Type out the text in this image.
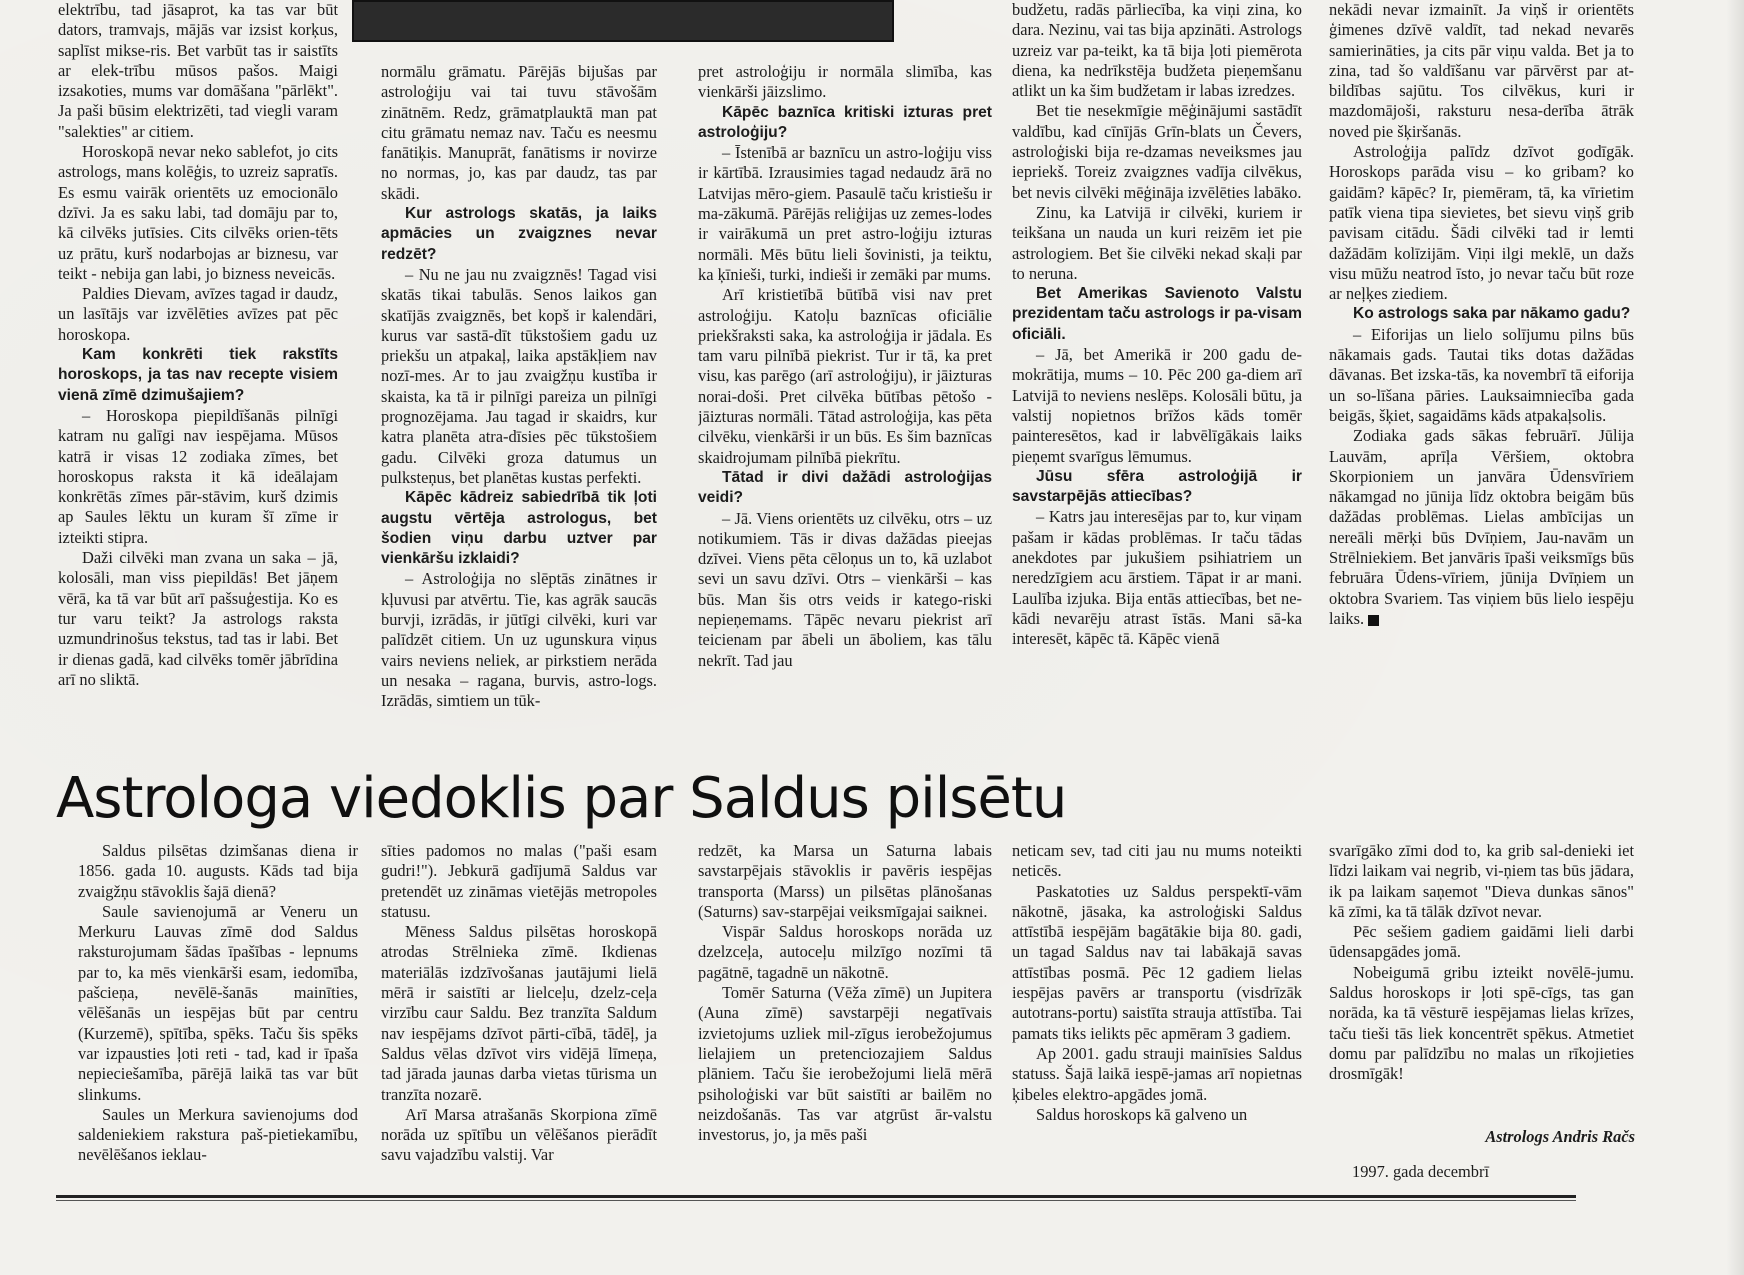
elektrību, tad jāsaprot, ka tas var būt dators, tramvajs, mājās var izsist korķus, saplīst mikse-ris. Bet varbūt tas ir saistīts ar elek-trību mūsos pašos. Maigi izsakoties, mums var domāšana "pārlēkt". Ja paši būsim elektrizēti, tad viegli varam "salekties" ar citiem.

Horoskopā nevar neko sablefot, jo cits astrologs, mans kolēģis, to uzreiz sapratīs. Es esmu vairāk orientēts uz emocionālo dzīvi. Ja es saku labi, tad domāju par to, kā cilvēks jutīsies. Cits cilvēks orien-tēts uz prātu, kurš nodarbojas ar biznesu, var teikt - nebija gan labi, jo bizness neveicās.

Paldies Dievam, avīzes tagad ir daudz, un lasītājs var izvēlēties avīzes pat pēc horoskopa.

Kam konkrēti tiek rakstīts horoskops, ja tas nav recepte visiem vienā zīmē dzimušajiem?

– Horoskopa piepildīšanās pilnīgi katram nu galīgi nav iespējama. Mūsos katrā ir visas 12 zodiaka zīmes, bet horoskopus raksta it kā ideālajam konkrētās zīmes pār-stāvim, kurš dzimis ap Saules lēktu un kuram šī zīme ir izteikti stipra.

Daži cilvēki man zvana un saka – jā, kolosāli, man viss piepildās! Bet jāņem vērā, ka tā var būt arī pašsuģestija. Ko es tur varu teikt? Ja astrologs raksta uzmundrinošus tekstus, tad tas ir labi. Bet ir dienas gadā, kad cilvēks tomēr jābrīdina arī no sliktā.

normālu grāmatu. Pārējās bijušas par astroloģiju vai tai tuvu stāvošām zinātnēm. Redz, grāmatplauktā man pat citu grāmatu nemaz nav. Taču es neesmu fanātiķis. Manuprāt, fanātisms ir novirze no normas, jo, kas par daudz, tas par skādi.

Kur astrologs skatās, ja laiks apmācies un zvaigznes nevar redzēt?

– Nu ne jau nu zvaigznēs! Tagad visi skatās tikai tabulās. Senos laikos gan skatījās zvaigznēs, bet kopš ir kalendāri, kurus var sastā-dīt tūkstošiem gadu uz priekšu un atpakaļ, laika apstākļiem nav nozī-mes. Ar to jau zvaigžņu kustība ir skaista, ka tā ir pilnīgi pareiza un pilnīgi prognozējama. Jau tagad ir skaidrs, kur katra planēta atra-dīsies pēc tūkstošiem gadu. Cilvēki groza datumus un pulksteņus, bet planētas kustas perfekti.

Kāpēc kādreiz sabiedrībā tik ļoti augstu vērtēja astrologus, bet šodien viņu darbu uztver par vienkāršu izklaidi?

– Astroloģija no slēptās zinātnes ir kļuvusi par atvērtu. Tie, kas agrāk saucās burvji, izrādās, ir jūtīgi cilvēki, kuri var palīdzēt citiem. Un uz ugunskura viņus vairs neviens neliek, ar pirkstiem nerāda un nesaka – ragana, burvis, astro-logs. Izrādās, simtiem un tūk-

pret astroloģiju ir normāla slimība, kas vienkārši jāizslimo.

Kāpēc baznīca kritiski izturas pret astroloģiju?

– Īstenībā ar baznīcu un astro-loģiju viss ir kārtībā. Izrausimies tagad nedaudz ārā no Latvijas mēro-giem. Pasaulē taču kristiešu ir ma-zākumā. Pārējās reliģijas uz zemes-lodes ir vairākumā un pret astro-loģiju izturas normāli. Mēs būtu lieli šovinisti, ja teiktu, ka ķīnieši, turki, indieši ir zemāki par mums.

Arī kristietībā būtībā visi nav pret astroloģiju. Katoļu baznīcas oficiālie priekšraksti saka, ka astroloģija ir jādala. Es tam varu pilnībā piekrist. Tur ir tā, ka pret visu, kas parēgo (arī astroloģiju), ir jāizturas norai-doši. Pret cilvēka būtības pētošo - jāizturas normāli. Tātad astroloģija, kas pēta cilvēku, vienkārši ir un būs. Es šim baznīcas skaidrojumam pilnībā piekrītu.

Tātad ir divi dažādi astroloģijas veidi?

– Jā. Viens orientēts uz cilvēku, otrs – uz notikumiem. Tās ir divas dažādas pieejas dzīvei. Viens pēta cēloņus un to, kā uzlabot sevi un savu dzīvi. Otrs – vienkārši – kas būs. Man šis otrs veids ir katego-riski nepieņemams. Tāpēc nevaru piekrist arī teicienam par ābeli un āboliem, kas tālu nekrīt. Tad jau

budžetu, radās pārliecība, ka viņi zina, ko dara. Nezinu, vai tas bija apzināti. Astrologs uzreiz var pa-teikt, ka tā bija ļoti piemērota diena, ka nedrīkstēja budžeta pieņemšanu atlikt un ka šim budžetam ir labas izredzes.

Bet tie nesekmīgie mēģinājumi sastādīt valdību, kad cīnījās Grīn-blats un Čevers, astroloģiski bija re-dzamas neveiksmes jau iepriekš. Toreiz zvaigznes vadīja cilvēkus, bet nevis cilvēki mēģināja izvēlēties labāko.

Zinu, ka Latvijā ir cilvēki, kuriem ir teikšana un nauda un kuri reizēm iet pie astrologiem. Bet šie cilvēki nekad skaļi par to neruna.

Bet Amerikas Savienoto Valstu prezidentam taču astrologs ir pa-visam oficiāli.

– Jā, bet Amerikā ir 200 gadu de-mokrātija, mums – 10. Pēc 200 ga-diem arī Latvijā to neviens neslēps. Kolosāli būtu, ja valstij nopietnos brīžos kāds tomēr painteresētos, kad ir labvēlīgākais laiks pieņemt svarīgus lēmumus.

Jūsu sfēra astroloģijā ir savstarpējās attiecības?

– Katrs jau interesējas par to, kur viņam pašam ir kādas problēmas. Ir taču tādas anekdotes par jukušiem psihiatriem un neredzīgiem acu ārstiem. Tāpat ir ar mani. Laulība izjuka. Bija entās attiecības, bet ne-kādi nevarēju atrast īstās. Mani sā-ka interesēt, kāpēc tā. Kāpēc vienā

nekādi nevar izmainīt. Ja viņš ir orientēts ģimenes dzīvē valdīt, tad nekad nevarēs samierināties, ja cits pār viņu valda. Bet ja to zina, tad šo valdīšanu var pārvērst par at-bildības sajūtu. Tos cilvēkus, kuri ir mazdomājoši, raksturu nesa-derība ātrāk noved pie šķiršanās.

Astroloģija palīdz dzīvot godīgāk. Horoskops parāda visu – ko gribam? ko gaidām? kāpēc? Ir, piemēram, tā, ka vīrietim patīk viena tipa sievietes, bet sievu viņš grib pavisam citādu. Šādi cilvēki tad ir lemti dažādām kolīzijām. Viņi ilgi meklē, un dažs visu mūžu neatrod īsto, jo nevar taču būt roze ar neļķes ziediem.

Ko astrologs saka par nākamo gadu?

– Eiforijas un lielo solījumu pilns būs nākamais gads. Tautai tiks dotas dažādas dāvanas. Bet izska-tās, ka novembrī tā eiforija un so-līšana pāries. Lauksaimniecība gada beigās, šķiet, sagaidāms kāds atpakaļsolis.

Zodiaka gads sākas februārī. Jūlija Lauvām, aprīļa Vēršiem, oktobra Skorpioniem un janvāra Ūdensvīriem nākamgad no jūnija līdz oktobra beigām būs dažādas problēmas. Lielas ambīcijas un nereāli mērķi būs Dvīņiem, Jau-navām un Strēlniekiem. Bet janvāris īpaši veiksmīgs būs februāra Ūdens-vīriem, jūnija Dvīņiem un oktobra Svariem. Tas viņiem būs lielo iespēju laiks.

Astrologa viedoklis par Saldus pilsētu

Saldus pilsētas dzimšanas diena ir 1856. gada 10. augusts. Kāds tad bija zvaigžņu stāvoklis šajā dienā?

Saule savienojumā ar Veneru un Merkuru Lauvas zīmē dod Saldus raksturojumam šādas īpašības - lepnums par to, ka mēs vienkārši esam, iedomība, pašcieņa, nevēlē-šanās mainīties, vēlēšanās un iespējas būt par centru (Kurzemē), spītība, spēks. Taču šis spēks var izpausties ļoti reti - tad, kad ir īpaša nepieciešamība, pārējā laikā tas var būt slinkums.

Saules un Merkura savienojums dod saldeniekiem rakstura paš-pietiekamību, nevēlēšanos ieklau-

sīties padomos no malas ("paši esam gudri!"). Jebkurā gadījumā Saldus var pretendēt uz zināmas vietējās metropoles statusu.

Mēness Saldus pilsētas horoskopā atrodas Strēlnieka zīmē. Ikdienas materiālās izdzīvošanas jautājumi lielā mērā ir saistīti ar lielceļu, dzelz-ceļa virzību caur Saldu. Bez tranzīta Saldum nav iespējams dzīvot pārti-cībā, tādēļ, ja Saldus vēlas dzīvot virs vidējā līmeņa, tad jārada jaunas darba vietas tūrisma un tranzīta nozarē.

Arī Marsa atrašanās Skorpiona zīmē norāda uz spītību un vēlēšanos pierādīt savu vajadzību valstij. Var

redzēt, ka Marsa un Saturna labais savstarpējais stāvoklis ir pavēris iespējas transporta (Marss) un pilsētas plānošanas (Saturns) sav-starpējai veiksmīgajai saiknei.

Vispār Saldus horoskops norāda uz dzelzceļa, autoceļu milzīgo nozīmi tā pagātnē, tagadnē un nākotnē.

Tomēr Saturna (Vēža zīmē) un Jupitera (Auna zīmē) savstarpēji negatīvais izvietojums uzliek mil-zīgus ierobežojumus lielajiem un pretenciozajiem Saldus plāniem. Taču šie ierobežojumi lielā mērā psiholoģiski var būt saistīti ar bailēm no neizdošanās. Tas var atgrūst ār-valstu investorus, jo, ja mēs paši

neticam sev, tad citi jau nu mums noteikti neticēs.

Paskatoties uz Saldus perspektī-vām nākotnē, jāsaka, ka astroloģiski Saldus attīstībā iespējām bagātākie bija 80. gadi, un tagad Saldus nav tai labākajā savas attīstības posmā. Pēc 12 gadiem lielas iespējas pavērs ar transportu (visdrīzāk autotrans-portu) saistīta strauja attīstība. Tai pamats tiks ielikts pēc apmēram 3 gadiem.

Ap 2001. gadu strauji mainīsies Saldus statuss. Šajā laikā iespē-jamas arī nopietnas ķibeles elektro-apgādes jomā.

Saldus horoskops kā galveno un

svarīgāko zīmi dod to, ka grib sal-denieki iet līdzi laikam vai negrib, vi-ņiem tas būs jādara, ik pa laikam saņemot "Dieva dunkas sānos" kā zīmi, ka tā tālāk dzīvot nevar.

Pēc sešiem gadiem gaidāmi lieli darbi ūdensapgādes jomā.

Nobeigumā gribu izteikt novēlē-jumu. Saldus horoskops ir ļoti spē-cīgs, tas gan norāda, ka tā vēsturē iespējamas lielas krīzes, taču tieši tās liek koncentrēt spēkus. Atmetiet domu par palīdzību no malas un rīkojieties drosmīgāk!

Astrologs Andris Račs
1997. gada decembrī
